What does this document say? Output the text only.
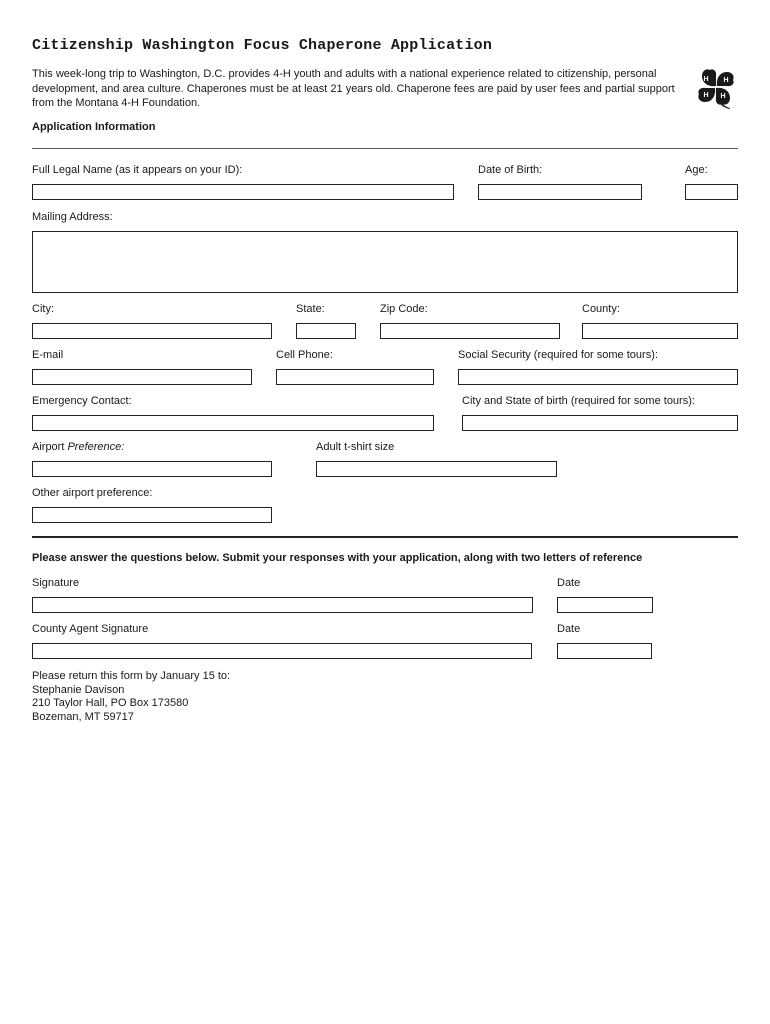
Citizenship Washington Focus Chaperone Application
This week-long trip to Washington, D.C. provides 4-H youth and adults with a national experience related to citizenship, personal development, and area culture. Chaperones must be at least 21 years old. Chaperone fees are paid by user fees and partial support from the Montana 4-H Foundation.
H H
H
H
Application Information
Full Legal Name (as it appears on your ID):	Date of Birth:	Age:
Mailing Address:
City:	State:	Zip Code:	County:
E-mail	Cell Phone:	Social Security (required for some tours):
Emergency Contact:	City and State of birth (required for some tours):
Airport Preference:	Adult t-shirt size
Other airport preference:
Please answer the questions below. Submit your responses with your application, along with two letters of reference
Signature	Date
County Agent Signature	Date
Please return this form by January 15 to:
Stephanie Davison
210 Taylor Hall, PO Box 173580
Bozeman, MT 59717
